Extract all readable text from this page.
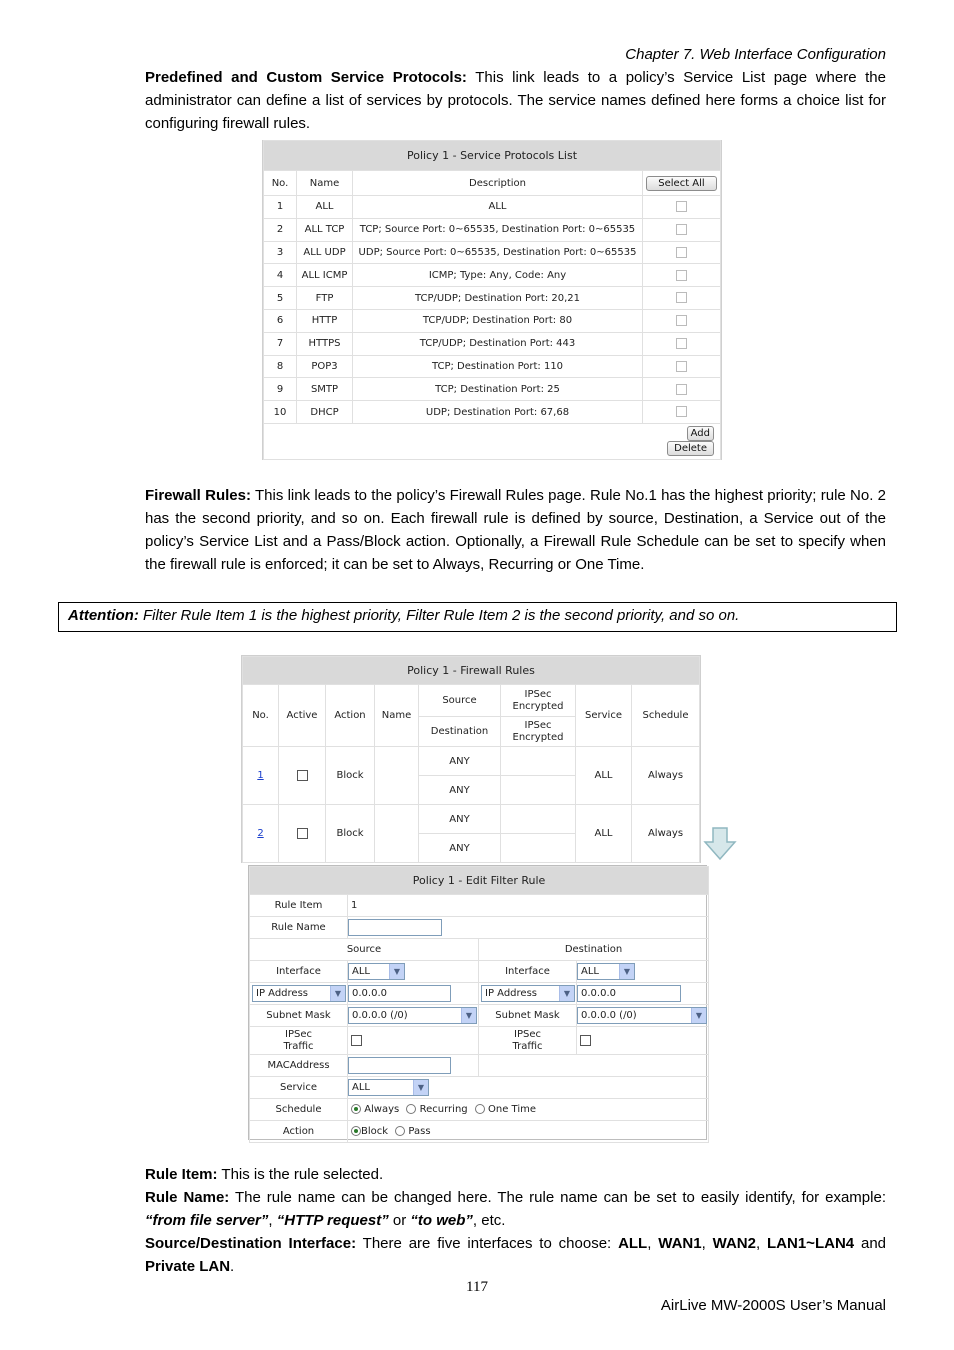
Chapter 7. Web Interface Configuration
Predefined and Custom Service Protocols: This link leads to a policy’s Service List page where the administrator can define a list of services by protocols. The service names defined here forms a choice list for configuring firewall rules.
Policy 1 - Service Protocols List			
No.	Name	Description	Select All
1	ALL	ALL	
2	ALL TCP	TCP; Source Port: 0~65535, Destination Port: 0~65535	
3	ALL UDP	UDP; Source Port: 0~65535, Destination Port: 0~65535	
4	ALL ICMP	ICMP; Type: Any, Code: Any	
5	FTP	TCP/UDP; Destination Port: 20,21	
6	HTTP	TCP/UDP; Destination Port: 80	
7	HTTPS	TCP/UDP; Destination Port: 443	
8	POP3	TCP; Destination Port: 110	
9	SMTP	TCP; Destination Port: 25	
10	DHCP	UDP; Destination Port: 67,68	
			Add Delete
Firewall Rules: This link leads to the policy’s Firewall Rules page. Rule No.1 has the highest priority; rule No. 2 has the second priority, and so on. Each firewall rule is defined by source, Destination, a Service out of the policy’s Service List and a Pass/Block action. Optionally, a Firewall Rule Schedule can be set to specify when the firewall rule is enforced; it can be set to Always, Recurring or One Time.
Attention: Filter Rule Item 1 is the highest priority, Filter Rule Item 2 is the second priority, and so on.
Policy 1 - Firewall Rules							
No.	Active	Action	Name	Source	IPSec Encrypted	Service	Schedule
				Destination	IPSec Encrypted		
1		Block		ANY		ALL	Always
				ANY			
2		Block		ANY		ALL	Always
				ANY			
Policy 1 - Edit Filter Rule			
Rule Item	1		
Rule Name			
Source		Destination	
Interface	ALL ▼	Interface	ALL ▼

IP Address ▼	0.0.0.0	IP Address ▼	0.0.0.0
Subnet Mask	0.0.0.0 (/0) ▼	Subnet Mask	0.0.0.0 (/0) ▼

IPSec Traffic		IPSec Traffic	
MACAddress			
Service	ALL ▼		

Schedule	Always Recurring One Time		
Action	Block Pass		
Rule Item: This is the rule selected.
Rule Name: The rule name can be changed here. The rule name can be set to easily identify, for example: “from file server”, “HTTP request” or “to web”, etc.
Source/Destination Interface: There are five interfaces to choose: ALL, WAN1, WAN2, LAN1~LAN4 and Private LAN.
117
AirLive MW-2000S User’s Manual
